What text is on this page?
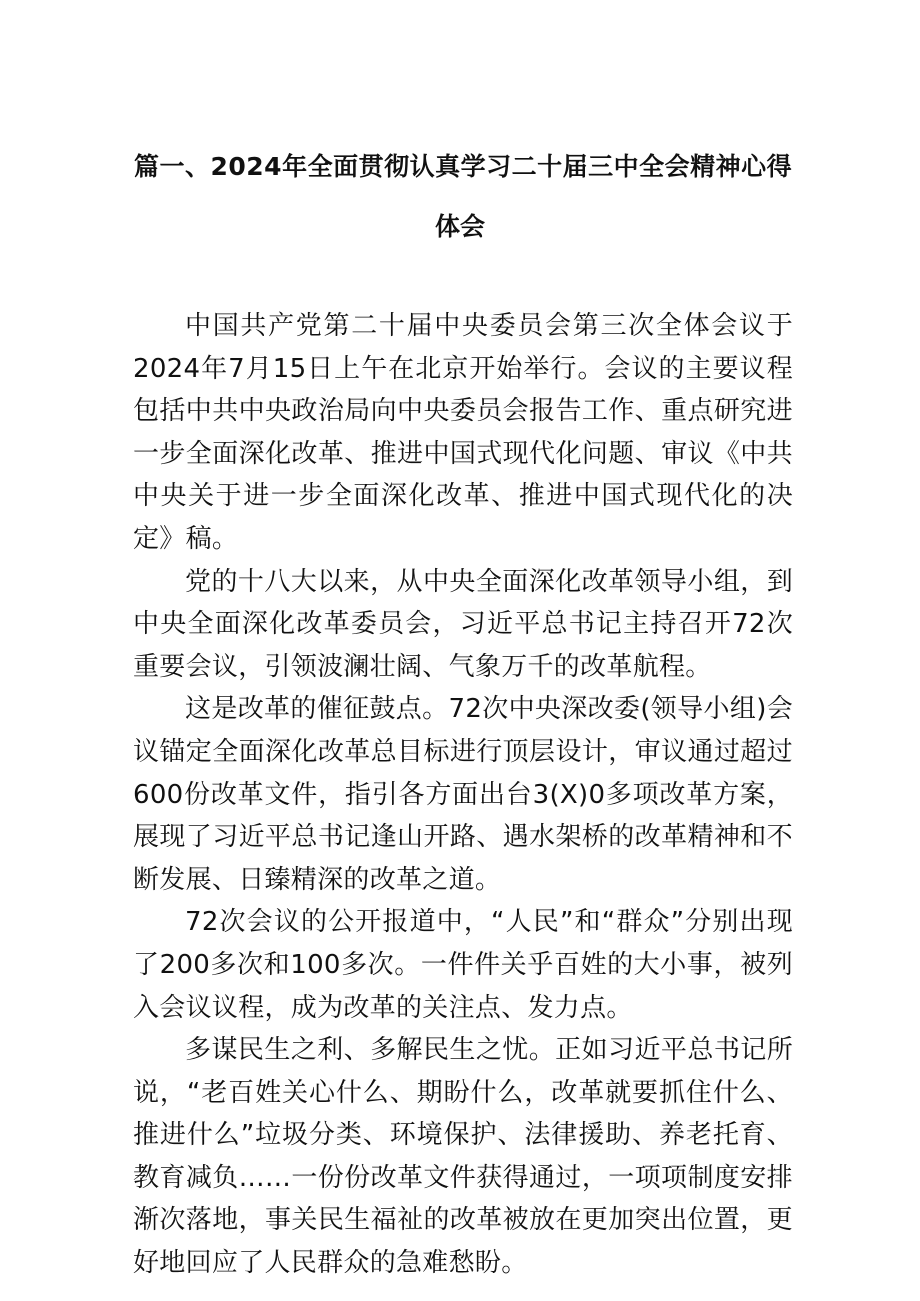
篇一、2024年全面贯彻认真学习二十届三中全会精神心得
体会

中国共产党第二十届中央委员会第三次全体会议于2024年7月15日上午在北京开始举行。会议的主要议程包括中共中央政治局向中央委员会报告工作、重点研究进一步全面深化改革、推进中国式现代化问题、审议《中共中央关于进一步全面深化改革、推进中国式现代化的决定》稿。

党的十八大以来，从中央全面深化改革领导小组，到中央全面深化改革委员会，习近平总书记主持召开72次重要会议，引领波澜壮阔、气象万千的改革航程。

这是改革的催征鼓点。72次中央深改委(领导小组)会议锚定全面深化改革总目标进行顶层设计，审议通过超过600份改革文件，指引各方面出台3(X)0多项改革方案，展现了习近平总书记逢山开路、遇水架桥的改革精神和不断发展、日臻精深的改革之道。

72次会议的公开报道中，“人民”和“群众”分别出现了200多次和100多次。一件件关乎百姓的大小事，被列入会议议程，成为改革的关注点、发力点。

多谋民生之利、多解民生之忧。正如习近平总书记所说，“老百姓关心什么、期盼什么，改革就要抓住什么、推进什么”垃圾分类、环境保护、法律援助、养老托育、教育减负……一份份改革文件获得通过，一项项制度安排渐次落地，事关民生福祉的改革被放在更加突出位置，更好地回应了人民群众的急难愁盼。
